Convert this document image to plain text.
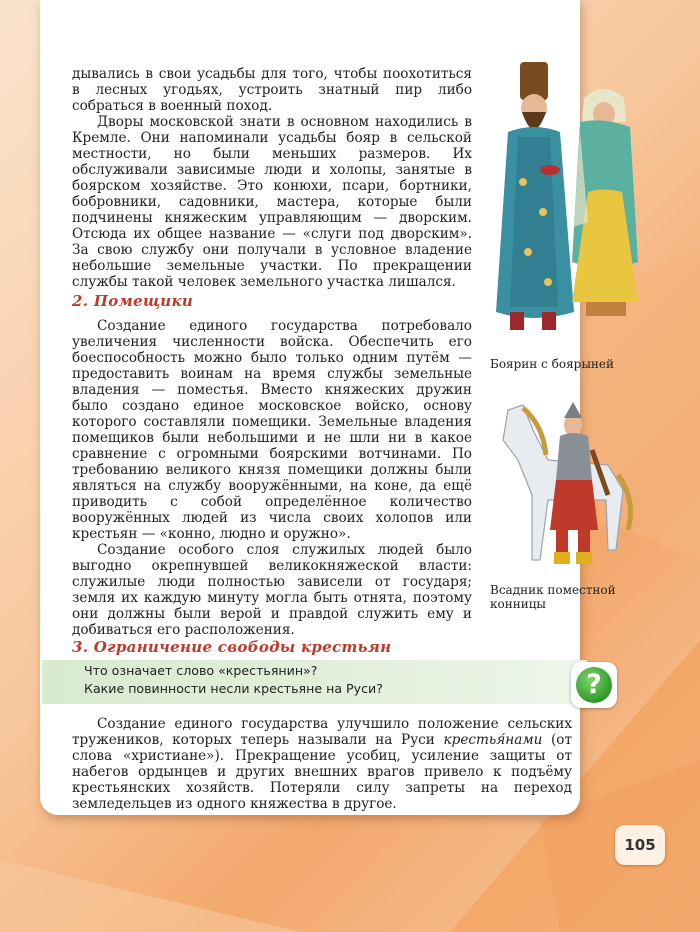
дывались в свои усадьбы для того, чтобы поохотиться в лесных угодьях, устроить знатный пир либо собраться в военный поход.

Дворы московской знати в основном находились в Кремле. Они напоминали усадьбы бояр в сельской местности, но были меньших размеров. Их обслуживали зависимые люди и холопы, занятые в боярском хозяйстве. Это конюхи, псари, бортники, бобровники, садовники, мастера, которые были подчинены княжеским управляющим — дворским. Отсюда их общее название — «слуги под дворским». За свою службу они получали в условное владение небольшие земельные участки. По прекращении службы такой человек земельного участка лишался.

2. Помещики

Создание единого государства потребовало увеличения численности войска. Обеспечить его боеспособность можно было только одним путём — предоставить воинам на время службы земельные владения — поместья. Вместо княжеских дружин было создано единое московское войско, основу которого составляли помещики. Земельные владения помещиков были небольшими и не шли ни в какое сравнение с огромными боярскими вотчинами. По требованию великого князя помещики должны были являться на службу вооружёнными, на коне, да ещё приводить с собой определённое количество вооружённых людей из числа своих холопов или крестьян — «конно, людно и оружно».

Создание особого слоя служилых людей было выгодно окрепнувшей великокняжеской власти: служилые люди полностью зависели от государя; земля их каждую минуту могла быть отнята, поэтому они должны были верой и правдой служить ему и добиваться его расположения.

3. Ограничение свободы крестьян
Что означает слово «крестьянин»?
Какие повинности несли крестьяне на Руси?	?

Создание единого государства улучшило положение сельских тружеников, которых теперь называли на Руси крестья́нами (от слова «христиане»). Прекращение усобиц, усиление защиты от набегов ордынцев и других внешних врагов привело к подъёму крестьянских хозяйств. Потеряли силу запреты на переход земледельцев из одного княжества в другое.

Боярин с боярыней
Всадник поместной конницы
105
